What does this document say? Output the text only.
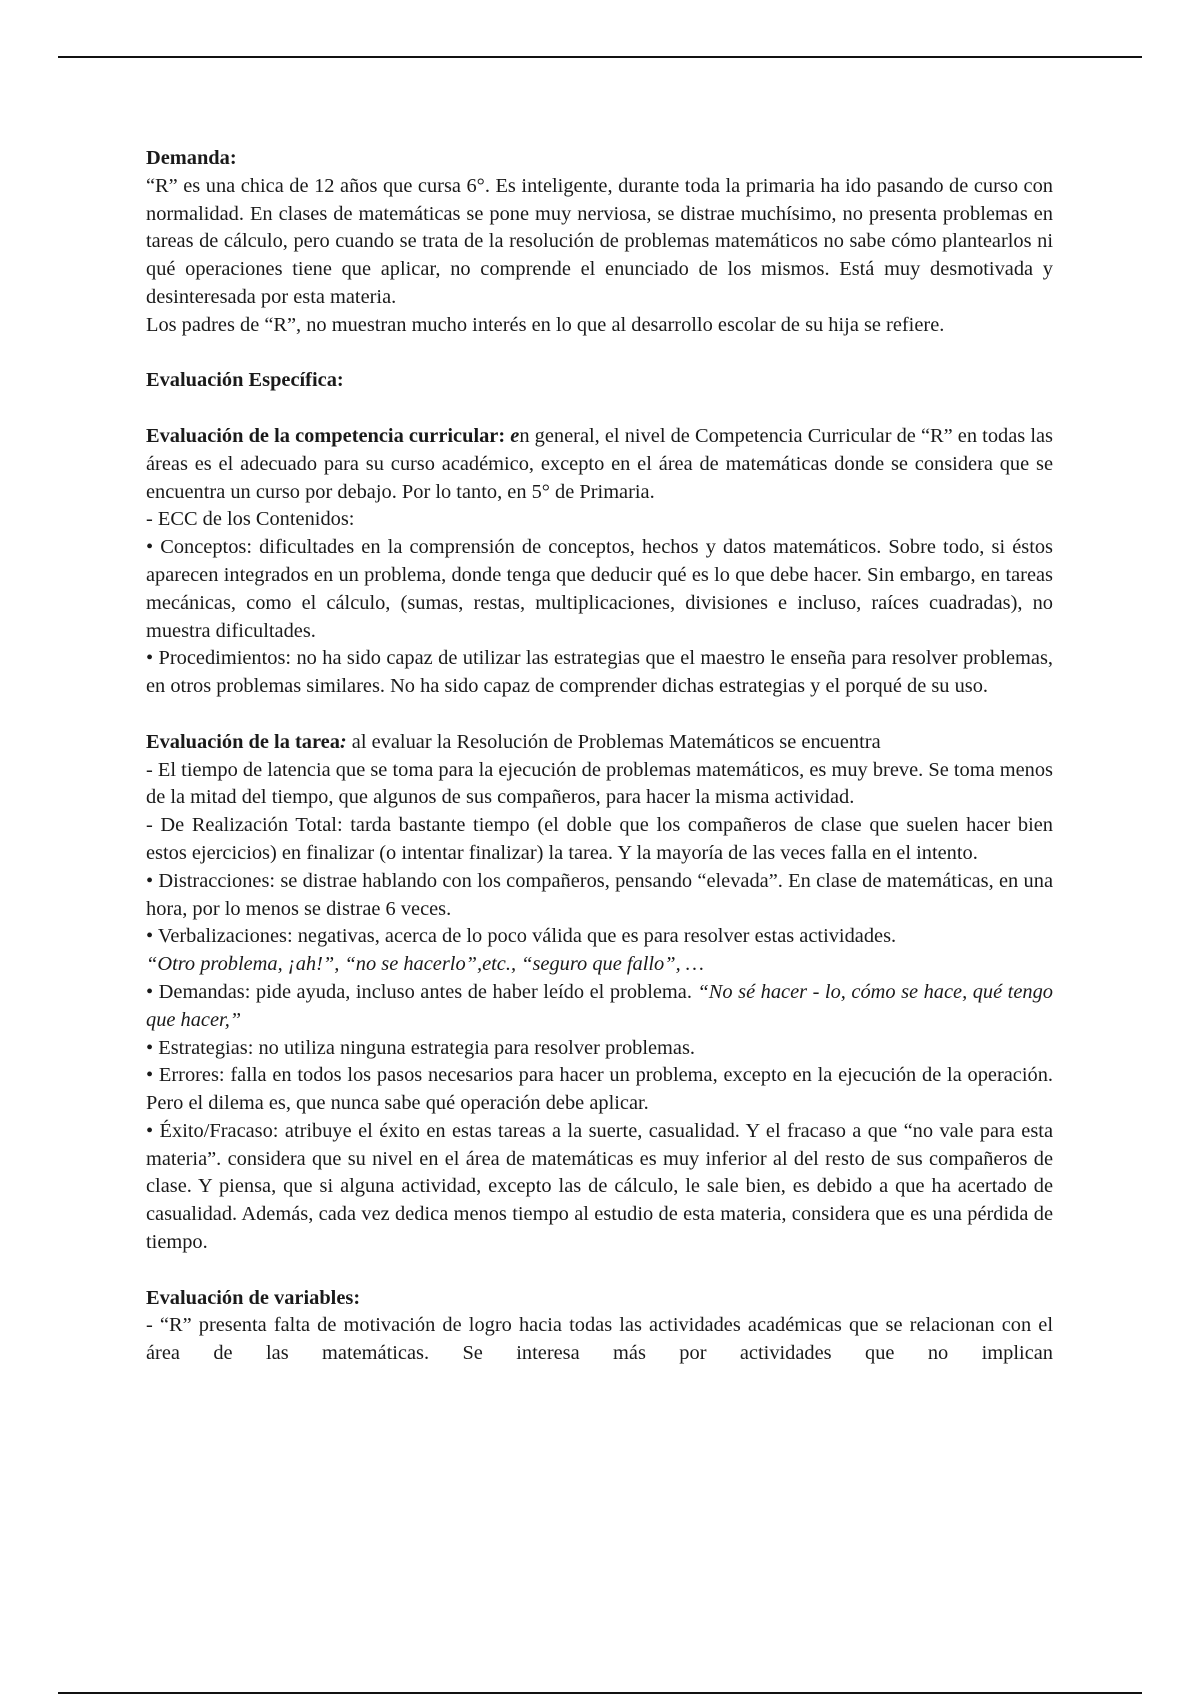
Demanda:

“R” es una chica de 12 años que cursa 6°. Es inteligente, durante toda la primaria ha ido pasando de curso con normalidad. En clases de matemáticas se pone muy nerviosa, se distrae muchísimo, no presenta problemas en tareas de cálculo, pero cuando se trata de la resolución de problemas matemáticos no sabe cómo plantearlos ni qué operaciones tiene que aplicar, no comprende el enunciado de los mismos. Está muy desmotivada y desinteresada por esta materia.

Los padres de “R”, no muestran mucho interés en lo que al desarrollo escolar de su hija se refiere.

Evaluación Específica:

Evaluación de la competencia curricular: en general, el nivel de Competencia Curricular de “R” en todas las áreas es el adecuado para su curso académico, excepto en el área de matemáticas donde se considera que se encuentra un curso por debajo. Por lo tanto, en 5° de Primaria.

- ECC de los Contenidos:

• Conceptos: dificultades en la comprensión de conceptos, hechos y datos matemáticos. Sobre todo, si éstos aparecen integrados en un problema, donde tenga que deducir qué es lo que debe hacer. Sin embargo, en tareas mecánicas, como el cálculo, (sumas, restas, multiplicaciones, divisiones e incluso, raíces cuadradas), no muestra dificultades.

• Procedimientos: no ha sido capaz de utilizar las estrategias que el maestro le enseña para resolver problemas, en otros problemas similares. No ha sido capaz de comprender dichas estrategias y el porqué de su uso.

Evaluación de la tarea: al evaluar la Resolución de Problemas Matemáticos se encuentra

- El tiempo de latencia que se toma para la ejecución de problemas matemáticos, es muy breve. Se toma menos de la mitad del tiempo, que algunos de sus compañeros, para hacer la misma actividad.

- De Realización Total: tarda bastante tiempo (el doble que los compañeros de clase que suelen hacer bien estos ejercicios) en finalizar (o intentar finalizar) la tarea. Y la mayoría de las veces falla en el intento.

• Distracciones: se distrae hablando con los compañeros, pensando “elevada”. En clase de matemáticas, en una hora, por lo menos se distrae 6 veces.

• Verbalizaciones: negativas, acerca de lo poco válida que es para resolver estas actividades.

“Otro problema, ¡ah!”, “no se hacerlo”,etc., “seguro que fallo”, …

• Demandas: pide ayuda, incluso antes de haber leído el problema. “No sé hacer - lo, cómo se hace, qué tengo que hacer,”

• Estrategias: no utiliza ninguna estrategia para resolver problemas.

• Errores: falla en todos los pasos necesarios para hacer un problema, excepto en la ejecución de la operación. Pero el dilema es, que nunca sabe qué operación debe aplicar.

• Éxito/Fracaso: atribuye el éxito en estas tareas a la suerte, casualidad. Y el fracaso a que “no vale para esta materia”. considera que su nivel en el área de matemáticas es muy inferior al del resto de sus compañeros de clase. Y piensa, que si alguna actividad, excepto las de cálculo, le sale bien, es debido a que ha acertado de casualidad. Además, cada vez dedica menos tiempo al estudio de esta materia, considera que es una pérdida de tiempo.

Evaluación de variables:

- “R” presenta falta de motivación de logro hacia todas las actividades académicas que se relacionan con el área de las matemáticas. Se interesa más por actividades que no implican
